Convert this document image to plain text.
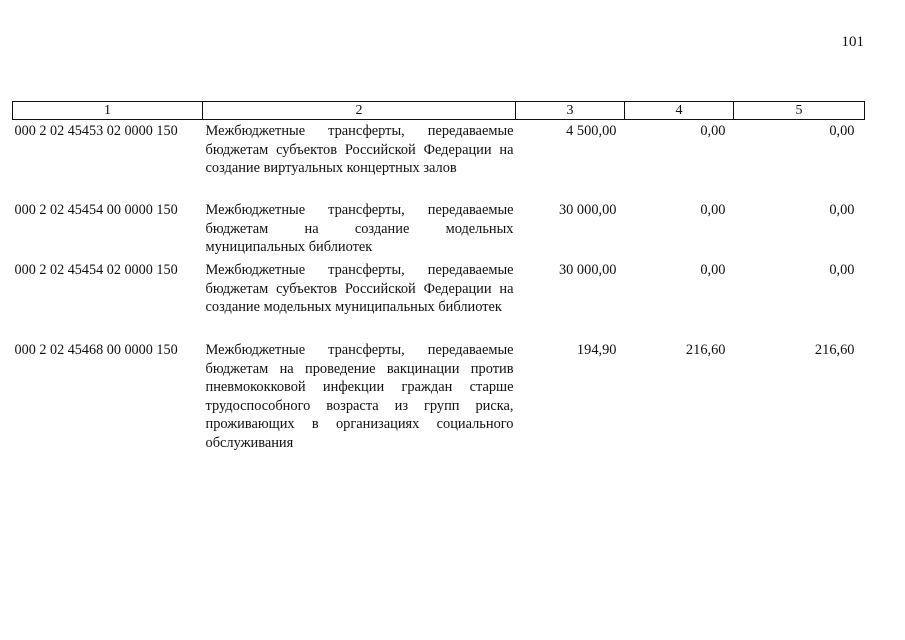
101
1	2	3	4	5
000 2 02 45453 02 0000 150	Межбюджетные трансферты, передаваемые бюджетам субъектов Российской Федерации на создание виртуальных концертных залов	4 500,00	0,00	0,00
000 2 02 45454 00 0000 150	Межбюджетные трансферты, передаваемые бюджетам на создание модельных муниципальных библиотек	30 000,00	0,00	0,00
000 2 02 45454 02 0000 150	Межбюджетные трансферты, передаваемые бюджетам субъектов Российской Федерации на создание модельных муниципальных библиотек	30 000,00	0,00	0,00
000 2 02 45468 00 0000 150	Межбюджетные трансферты, передаваемые бюджетам на проведение вакцинации против пневмококковой инфекции граждан старше трудоспособного возраста из групп риска, проживающих в организациях социального обслуживания	194,90	216,60	216,60
